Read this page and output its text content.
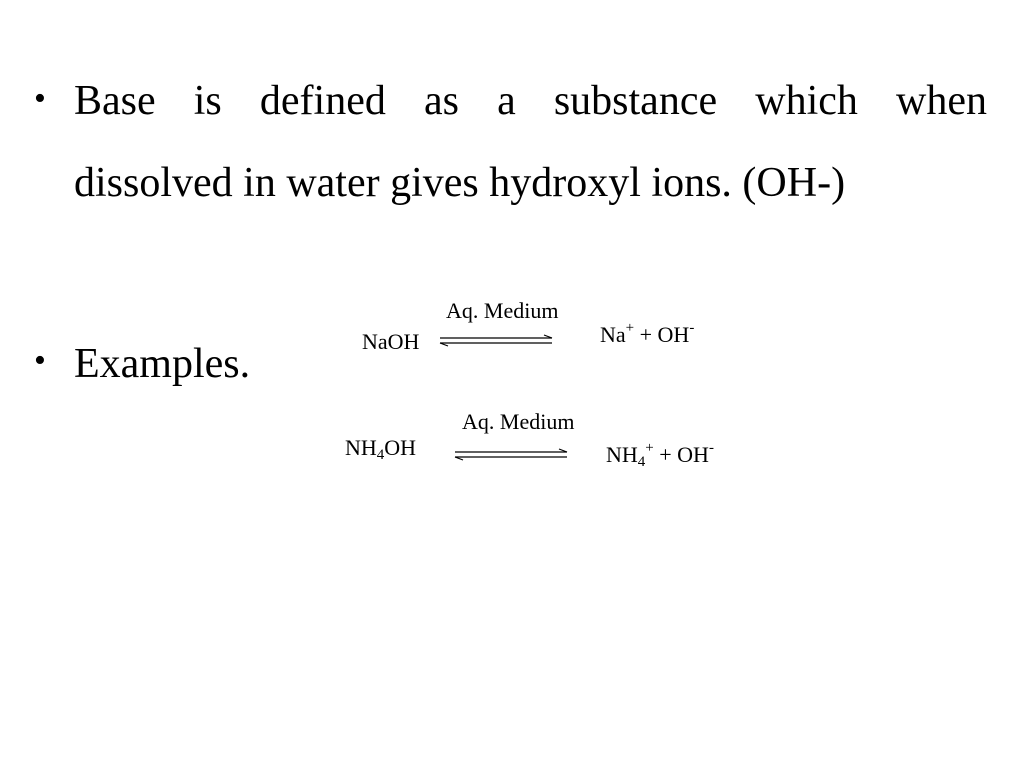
• Base is defined as a substance which when
dissolved in water gives hydroxyl ions. (OH-)
• Examples.
Aq. Medium
NaOH	Na+ + OH-
Aq. Medium
$NH_4OH$	$NH_4^+ + OH^-$
